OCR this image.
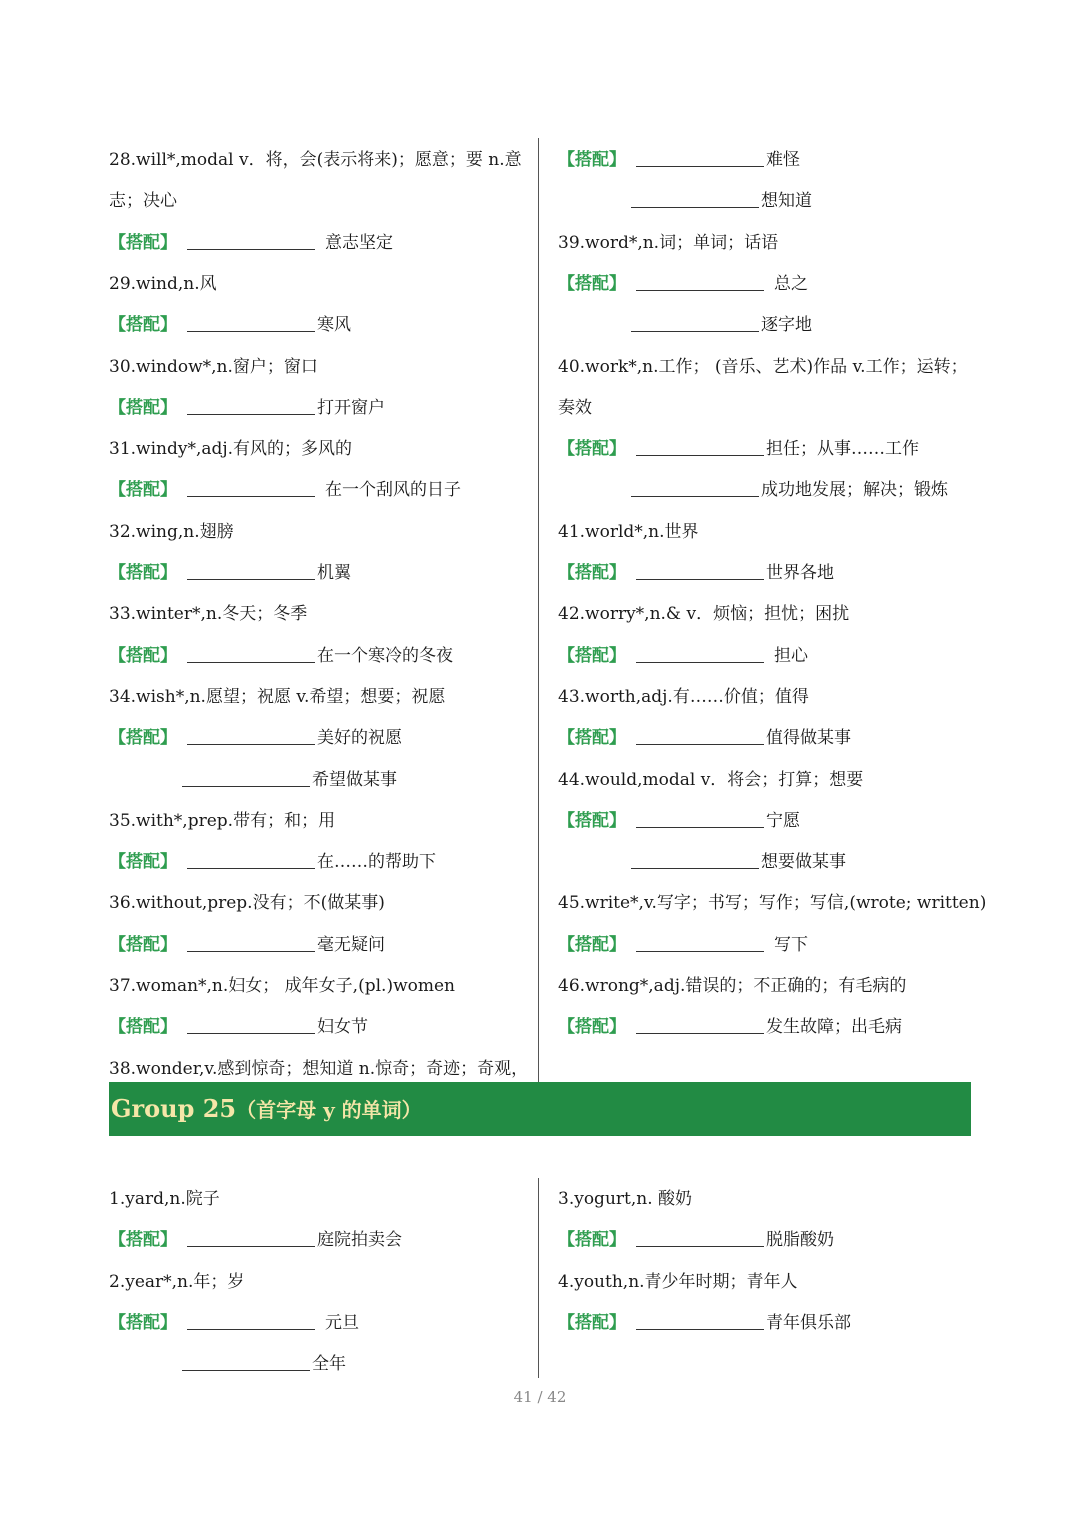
28.will*,modal v．将，会(表示将来)；愿意；要 n.意
志；决心
【搭配】	意志坚定
29.wind,n.风
【搭配】	寒风
30.window*,n.窗户；窗口
【搭配】	打开窗户
31.windy*,adj.有风的；多风的
【搭配】	在一个刮风的日子
32.wing,n.翅膀
【搭配】	机翼
33.winter*,n.冬天；冬季
【搭配】	在一个寒冷的冬夜
34.wish*,n.愿望；祝愿 v.希望；想要；祝愿
【搭配】	美好的祝愿
希望做某事
35.with*,prep.带有；和；用
【搭配】	在……的帮助下
36.without,prep.没有；不(做某事)
【搭配】	毫无疑问
37.woman*,n.妇女； 成年女子,(pl.)women
【搭配】	妇女节
38.wonder,v.感到惊奇；想知道 n.惊奇；奇迹；奇观，
【搭配】	难怪
想知道
39.word*,n.词；单词；话语
【搭配】	总之
逐字地
40.work*,n.工作； (音乐、艺术)作品 v.工作；运转；
奏效
【搭配】	担任；从事……工作
成功地发展；解决；锻炼
41.world*,n.世界
【搭配】	世界各地
42.worry*,n.& v．烦恼；担忧；困扰
【搭配】	担心
43.worth,adj.有……价值；值得
【搭配】	值得做某事
44.would,modal v．将会；打算；想要
【搭配】	宁愿
想要做某事
45.write*,v.写字；书写；写作；写信,(wrote; written)
【搭配】	写下
46.wrong*,adj.错误的；不正确的；有毛病的
【搭配】	发生故障；出毛病
Group 25（首字母 y 的单词）
1.yard,n.院子
【搭配】	庭院拍卖会
2.year*,n.年；岁
【搭配】	元旦
全年
3.yogurt,n. 酸奶
【搭配】	脱脂酸奶
4.youth,n.青少年时期；青年人
【搭配】	青年俱乐部
41 / 42
